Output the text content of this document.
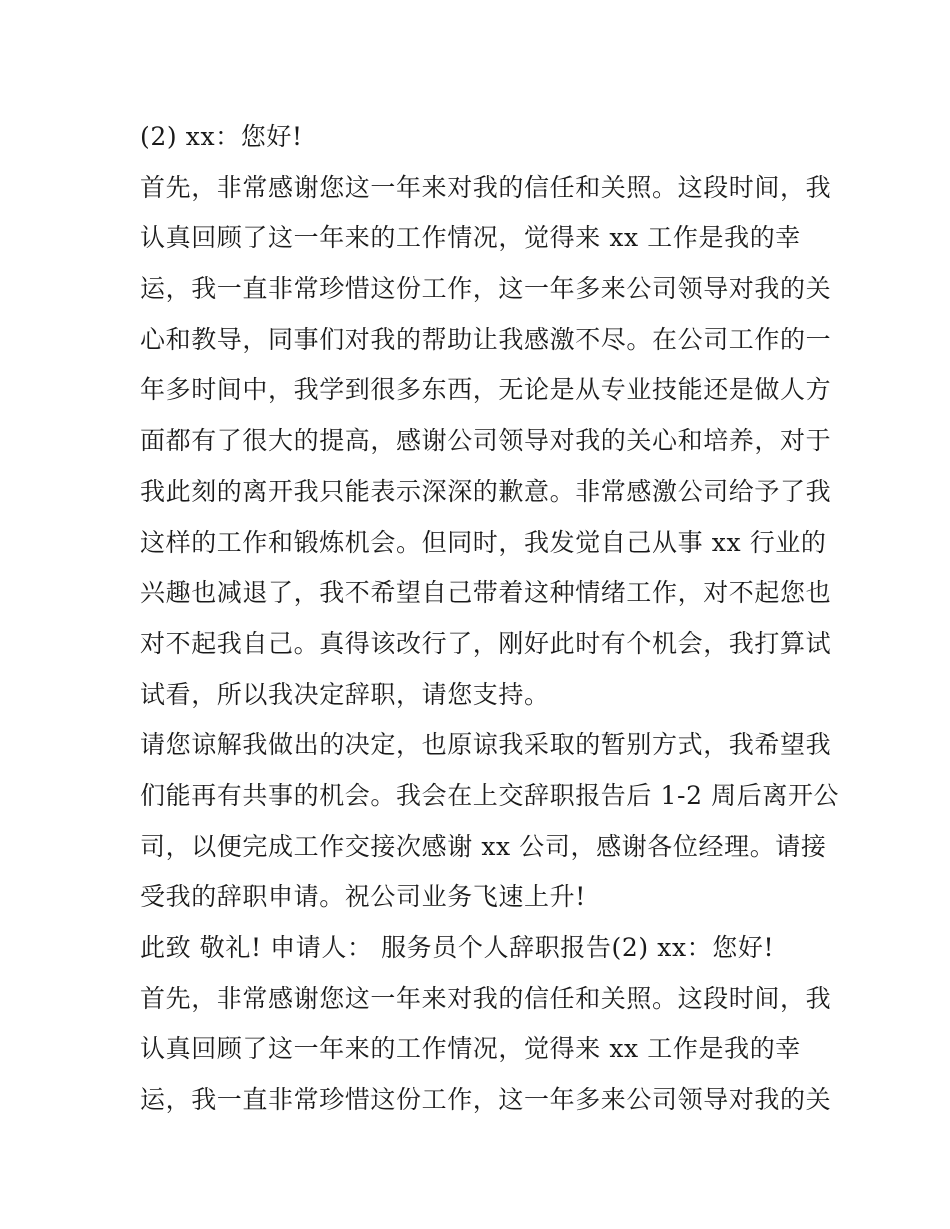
(2) xx：您好!
首先，非常感谢您这一年来对我的信任和关照。这段时间，我
认真回顾了这一年来的工作情况，觉得来 xx 工作是我的幸
运，我一直非常珍惜这份工作，这一年多来公司领导对我的关
心和教导，同事们对我的帮助让我感激不尽。在公司工作的一
年多时间中，我学到很多东西，无论是从专业技能还是做人方
面都有了很大的提高，感谢公司领导对我的关心和培养，对于
我此刻的离开我只能表示深深的歉意。非常感激公司给予了我
这样的工作和锻炼机会。但同时，我发觉自己从事 xx 行业的
兴趣也减退了，我不希望自己带着这种情绪工作，对不起您也
对不起我自己。真得该改行了，刚好此时有个机会，我打算试
试看，所以我决定辞职，请您支持。
请您谅解我做出的决定，也原谅我采取的暂别方式，我希望我
们能再有共事的机会。我会在上交辞职报告后 1-2 周后离开公
司，以便完成工作交接次感谢 xx 公司，感谢各位经理。请接
受我的辞职申请。祝公司业务飞速上升!
此致 敬礼! 申请人： 服务员个人辞职报告(2) xx：您好!
首先，非常感谢您这一年来对我的信任和关照。这段时间，我
认真回顾了这一年来的工作情况，觉得来 xx 工作是我的幸
运，我一直非常珍惜这份工作，这一年多来公司领导对我的关
